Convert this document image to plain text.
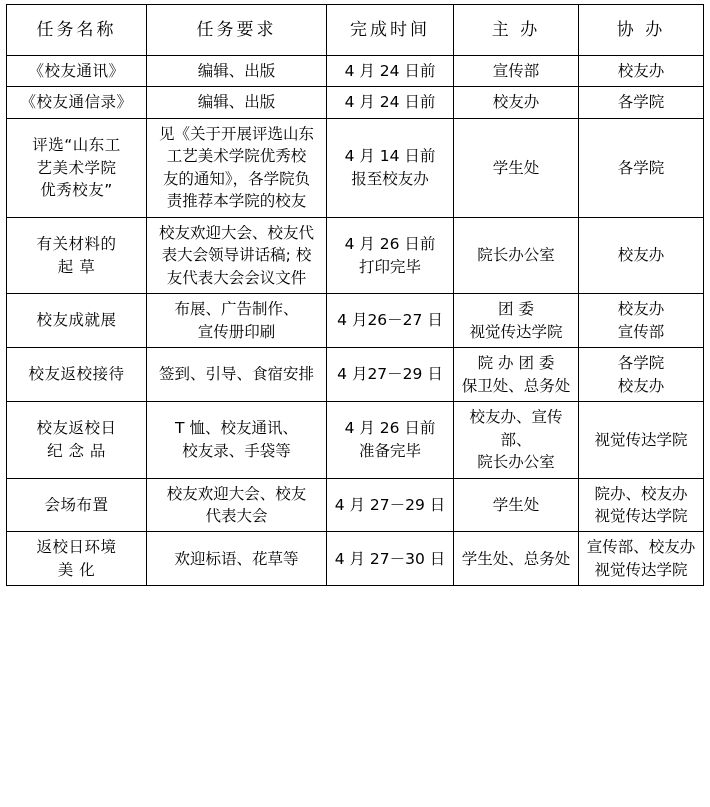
任务名称	任务要求	完成时间	主 办	协 办

《校友通讯》	编辑、出版	4 月 24 日前	宣传部	校友办

《校友通信录》	编辑、出版	4 月 24 日前	校友办	各学院

评选“山东工
艺美术学院
优秀校友”	见《关于开展评选山东
工艺美术学院优秀校
友的通知》，各学院负
责推荐本学院的校友	4 月 14 日前
报至校友办	学生处	各学院

有关材料的
起 草	校友欢迎大会、校友代
表大会领导讲话稿; 校
友代表大会会议文件	4 月 26 日前
打印完毕	院长办公室	校友办

校友成就展	布展、广告制作、
宣传册印刷	4 月26－27 日	团 委
视觉传达学院	校友办
宣传部

校友返校接待	签到、引导、食宿安排	4 月27－29 日	院 办 团 委
保卫处、总务处	各学院
校友办

校友返校日
纪 念 品	T 恤、校友通讯、
校友录、手袋等	4 月 26 日前
准备完毕	校友办、宣传部、
院长办公室	视觉传达学院

会场布置	校友欢迎大会、校友
代表大会	4 月 27－29 日	学生处	院办、校友办
视觉传达学院

返校日环境
美 化	欢迎标语、花草等	4 月 27－30 日	学生处、总务处	宣传部、校友办
视觉传达学院
